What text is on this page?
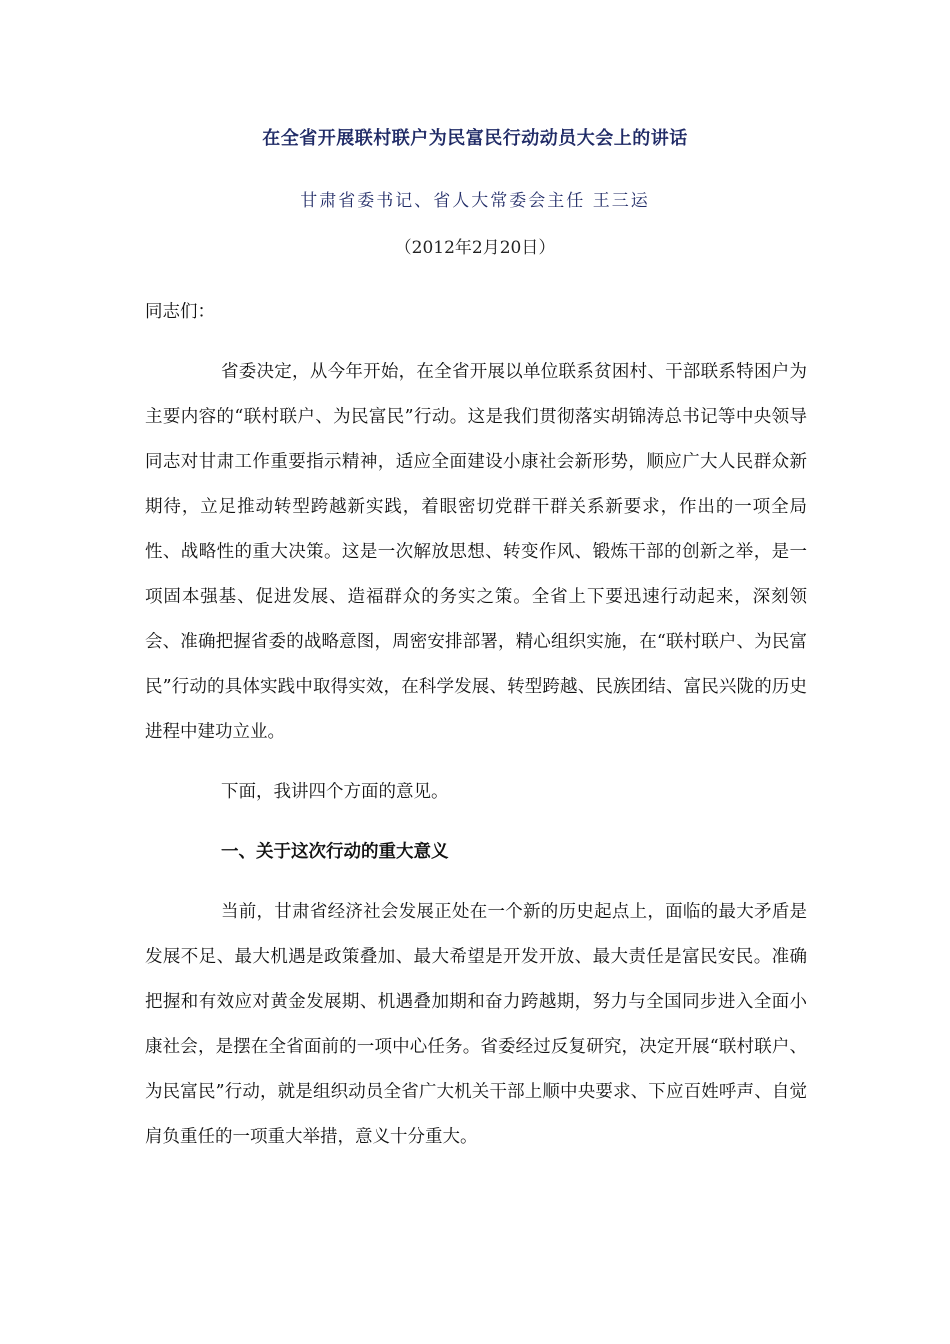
在全省开展联村联户为民富民行动动员大会上的讲话
甘肃省委书记、省人大常委会主任 王三运
（2012年2月20日）
同志们：

省委决定，从今年开始，在全省开展以单位联系贫困村、干部联系特困户为主要内容的“联村联户、为民富民”行动。这是我们贯彻落实胡锦涛总书记等中央领导同志对甘肃工作重要指示精神，适应全面建设小康社会新形势，顺应广大人民群众新期待，立足推动转型跨越新实践，着眼密切党群干群关系新要求，作出的一项全局性、战略性的重大决策。这是一次解放思想、转变作风、锻炼干部的创新之举，是一项固本强基、促进发展、造福群众的务实之策。全省上下要迅速行动起来，深刻领会、准确把握省委的战略意图，周密安排部署，精心组织实施，在“联村联户、为民富民”行动的具体实践中取得实效，在科学发展、转型跨越、民族团结、富民兴陇的历史进程中建功立业。

下面，我讲四个方面的意见。

一、关于这次行动的重大意义

当前，甘肃省经济社会发展正处在一个新的历史起点上，面临的最大矛盾是发展不足、最大机遇是政策叠加、最大希望是开发开放、最大责任是富民安民。准确把握和有效应对黄金发展期、机遇叠加期和奋力跨越期，努力与全国同步进入全面小康社会，是摆在全省面前的一项中心任务。省委经过反复研究，决定开展“联村联户、为民富民”行动，就是组织动员全省广大机关干部上顺中央要求、下应百姓呼声、自觉肩负重任的一项重大举措，意义十分重大。
